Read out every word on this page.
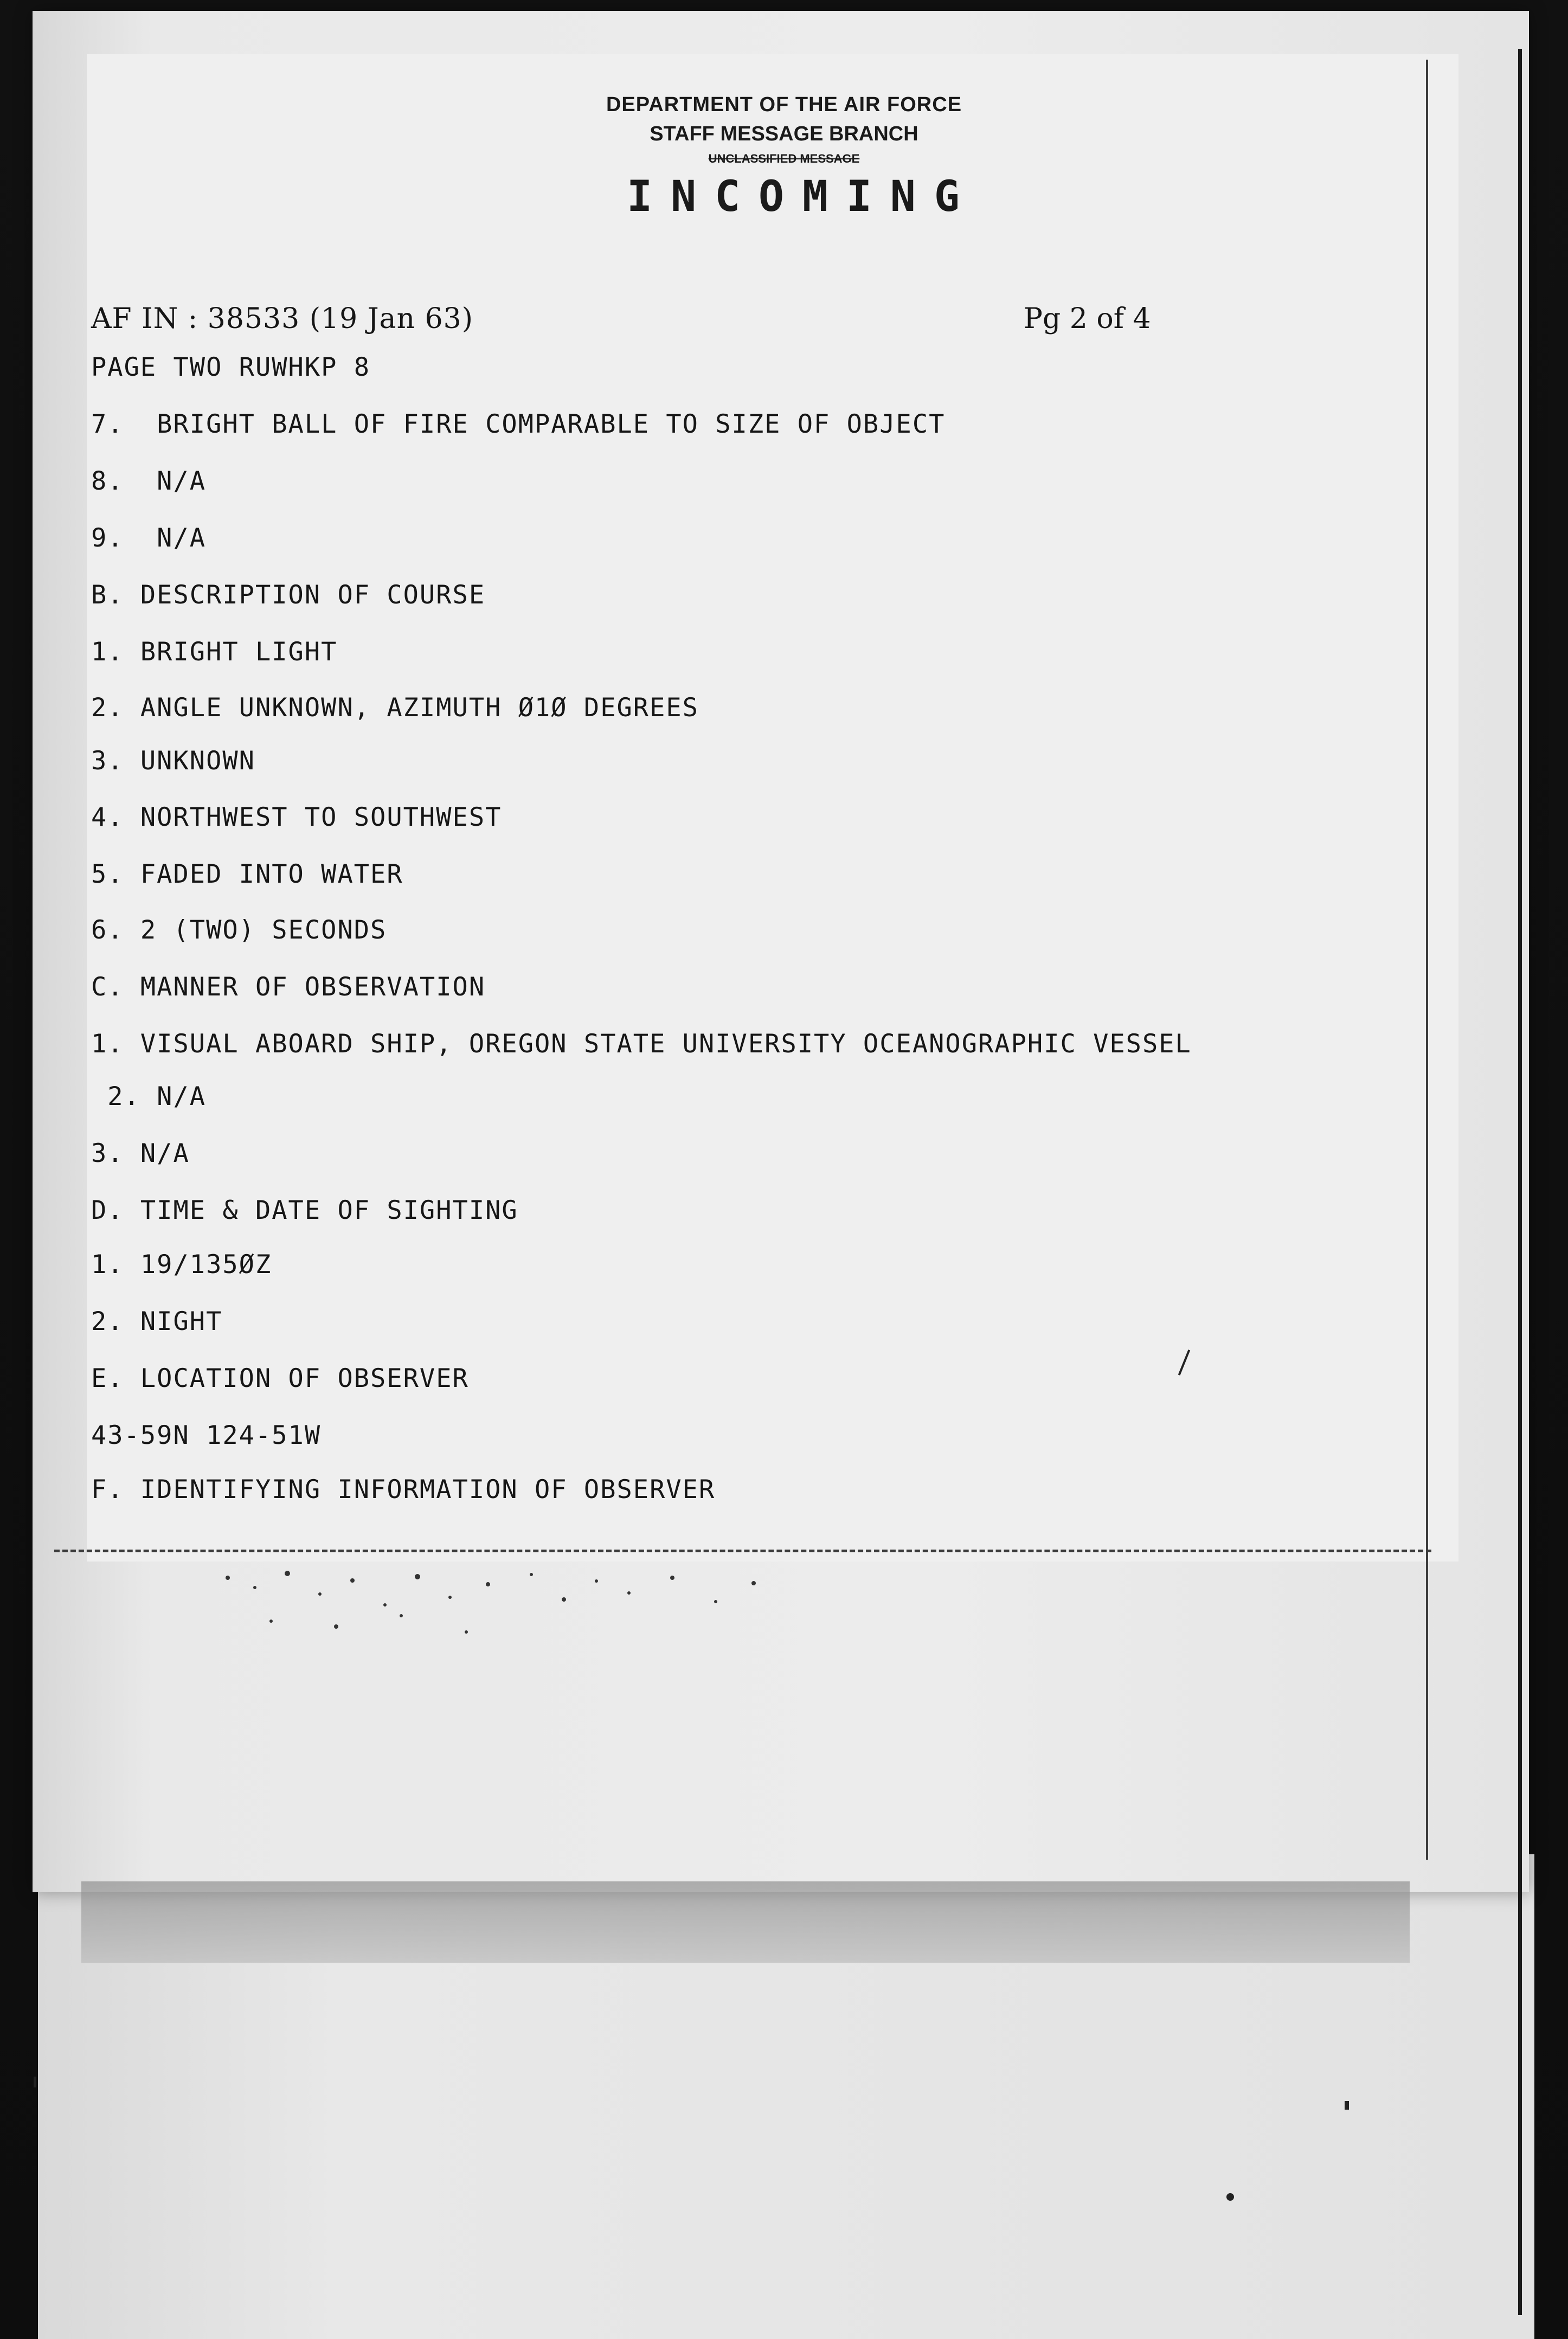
DEPARTMENT OF THE AIR FORCE
STAFF MESSAGE BRANCH
UNCLASSIFIED MESSAGE
INCOMING
AF IN : 38533 (19 Jan 63)	Pg 2 of 4
PAGE TWO RUWHKP 8
7.  BRIGHT BALL OF FIRE COMPARABLE TO SIZE OF OBJECT
8.  N/A
9.  N/A
B. DESCRIPTION OF COURSE
1. BRIGHT LIGHT
2. ANGLE UNKNOWN, AZIMUTH Ø1Ø DEGREES
3. UNKNOWN
4. NORTHWEST TO SOUTHWEST
5. FADED INTO WATER
6. 2 (TWO) SECONDS
C. MANNER OF OBSERVATION
1. VISUAL ABOARD SHIP, OREGON STATE UNIVERSITY OCEANOGRAPHIC VESSEL
2. N/A
3. N/A
D. TIME & DATE OF SIGHTING
1. 19/135ØZ
2. NIGHT
E. LOCATION OF OBSERVER
43-59N 124-51W
F. IDENTIFYING INFORMATION OF OBSERVER
